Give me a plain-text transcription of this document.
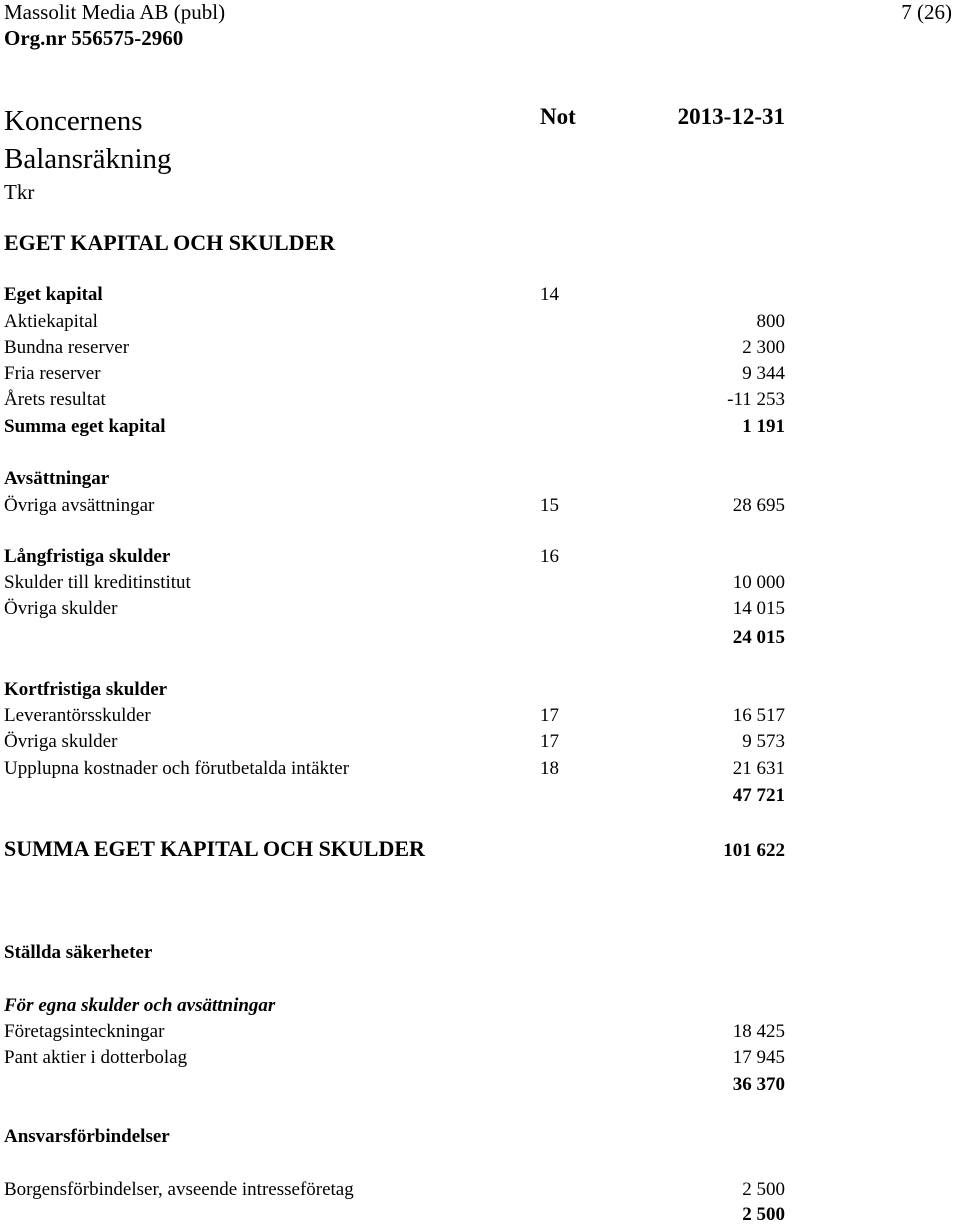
Massolit Media AB (publ)	7 (26)
Org.nr 556575-2960
Koncernens
Balansräkning
Tkr
Not	2013-12-31
EGET KAPITAL OCH SKULDER
Eget kapital	14
Aktiekapital	800
Bundna reserver	2 300
Fria reserver	9 344
Årets resultat	-11 253
Summa eget kapital	1 191
Avsättningar
Övriga avsättningar	15	28 695
Långfristiga skulder	16
Skulder till kreditinstitut	10 000
Övriga skulder	14 015
24 015
Kortfristiga skulder
Leverantörsskulder	17	16 517
Övriga skulder	17	9 573
Upplupna kostnader och förutbetalda intäkter	18	21 631
47 721
SUMMA EGET KAPITAL OCH SKULDER	101 622
Ställda säkerheter
För egna skulder och avsättningar
Företagsinteckningar	18 425
Pant aktier i dotterbolag	17 945
36 370
Ansvarsförbindelser
Borgensförbindelser, avseende intresseföretag	2 500
2 500
